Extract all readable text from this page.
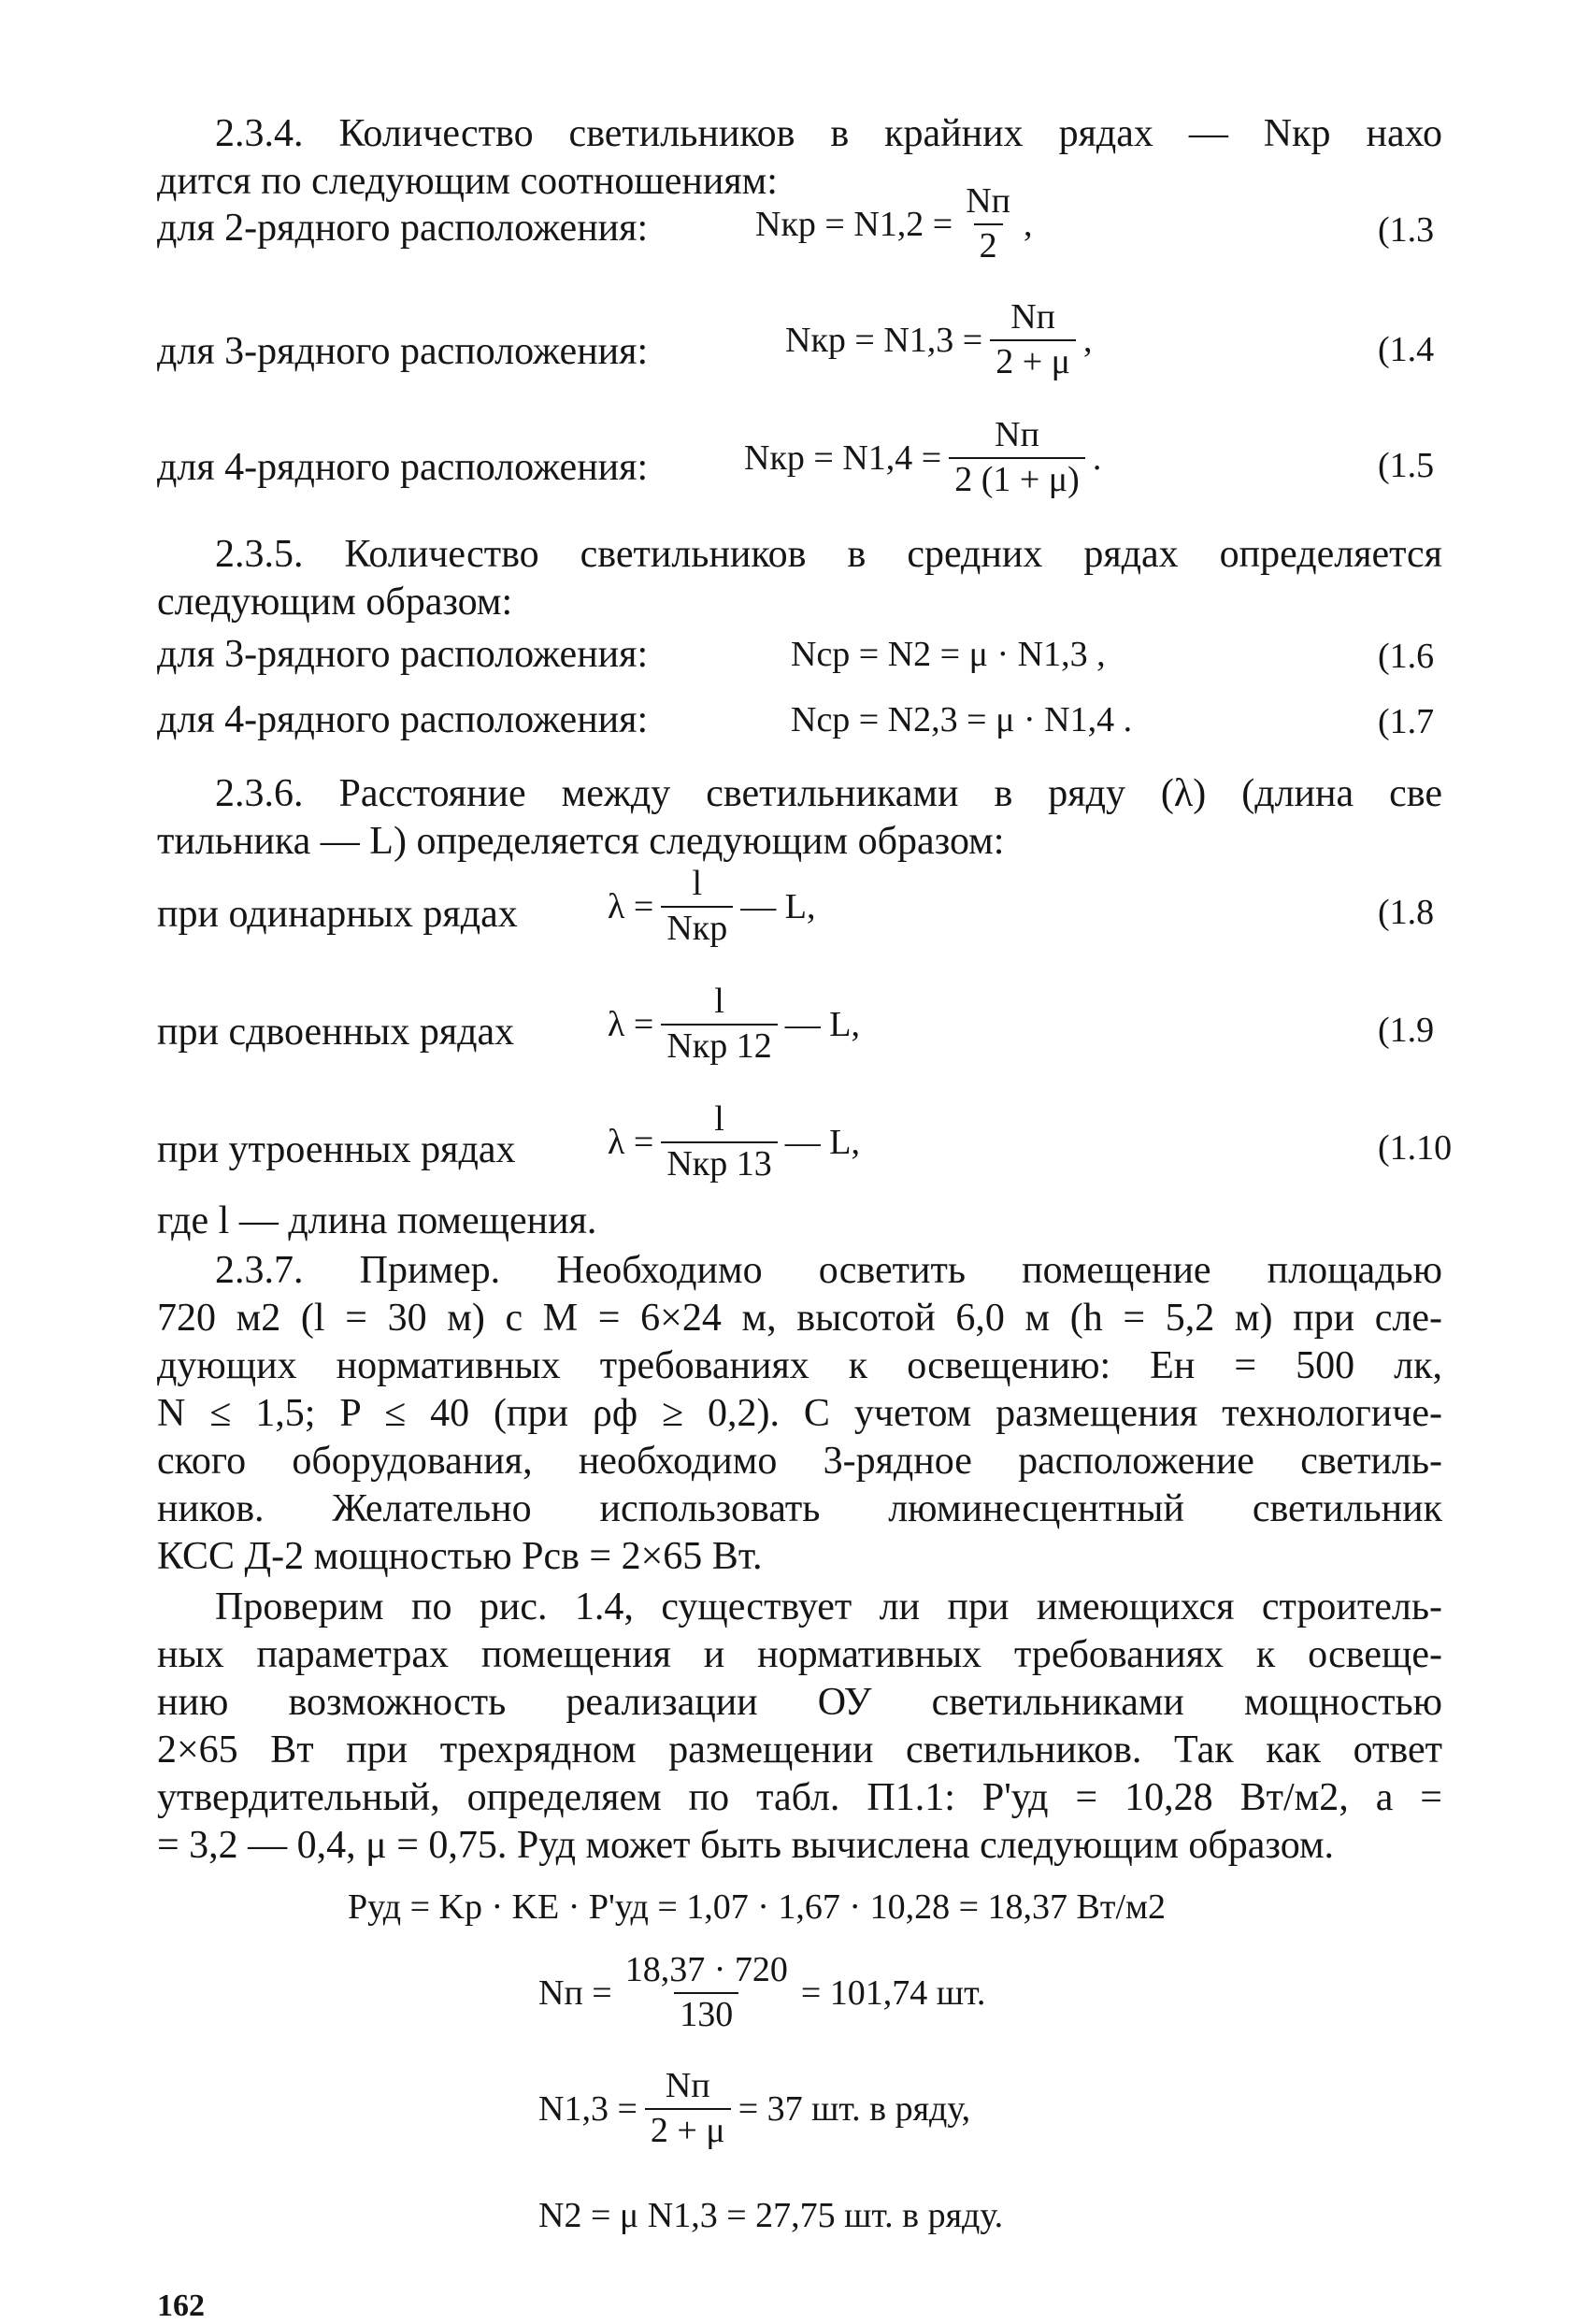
2.3.4. Количество светильников в крайних рядах — Nкр нахо
дится по следующим соотношениям:
для 2-рядного расположения:	Nкр = $N1,2 = \frac{Nп}{2}$ ,	(1.3
для 3-рядного расположения:	Nкр = $N1,3 = \frac{Nп}{2 + \mu}$ ,	(1.4
для 4-рядного расположения:	Nкр = $N1,4 = \frac{Nп}{2 (1 + \mu)}$ .	(1.5
2.3.5. Количество светильников в средних рядах определяется
следующим образом:
для 3-рядного расположения:	Nср = N2 = μ · N1,3 ,	(1.6
для 4-рядного расположения:	Nср = N2,3 = μ · N1,4 .	(1.7
2.3.6. Расстояние между светильниками в ряду (λ) (длина све
тильника — L) определяется следующим образом:
при одинарных рядах	$\lambda = \frac{l}{\text{Nкр}}$ — L,	(1.8
при сдвоенных рядах	$\lambda = \frac{l}{\text{Nкр 12}}$ — L,	(1.9
при утроенных рядах	$\lambda = \frac{l}{\text{Nкр 13}}$ — L,	(1.10
где l — длина помещения.
2.3.7. Пример. Необходимо осветить помещение площадью
720 м2 (l = 30 м) с M = 6×24 м, высотой 6,0 м (h = 5,2 м) при сле-
дующих нормативных требованиях к освещению: Eн = 500 лк,
N ≤ 1,5; P ≤ 40 (при ρф ≥ 0,2). С учетом размещения технологиче-
ского оборудования, необходимо 3-рядное расположение светиль-
ников. Желательно использовать люминесцентный светильник
КСС Д-2 мощностью Pсв = 2×65 Вт.
Проверим по рис. 1.4, существует ли при имеющихся строитель-
ных параметрах помещения и нормативных требованиях к освеще-
нию возможность реализации ОУ светильниками мощностью
2×65 Вт при трехрядном размещении светильников. Так как ответ
утвердительный, определяем по табл. П1.1: P'уд = 10,28 Вт/м2, a =
= 3,2 — 0,4, μ = 0,75. Pуд может быть вычислена следующим образом.
Pуд = Kp · KE · P'уд = 1,07 · 1,67 · 10,28 = 18,37 Вт/м2
Nп = $\frac{18,37 \cdot 720}{130} = 101,74$ шт.
$N1,3 = \frac{Nп}{2 + \mu} = 37$ шт. в ряду,
N2 = μ N1,3 = 27,75 шт. в ряду.
162
